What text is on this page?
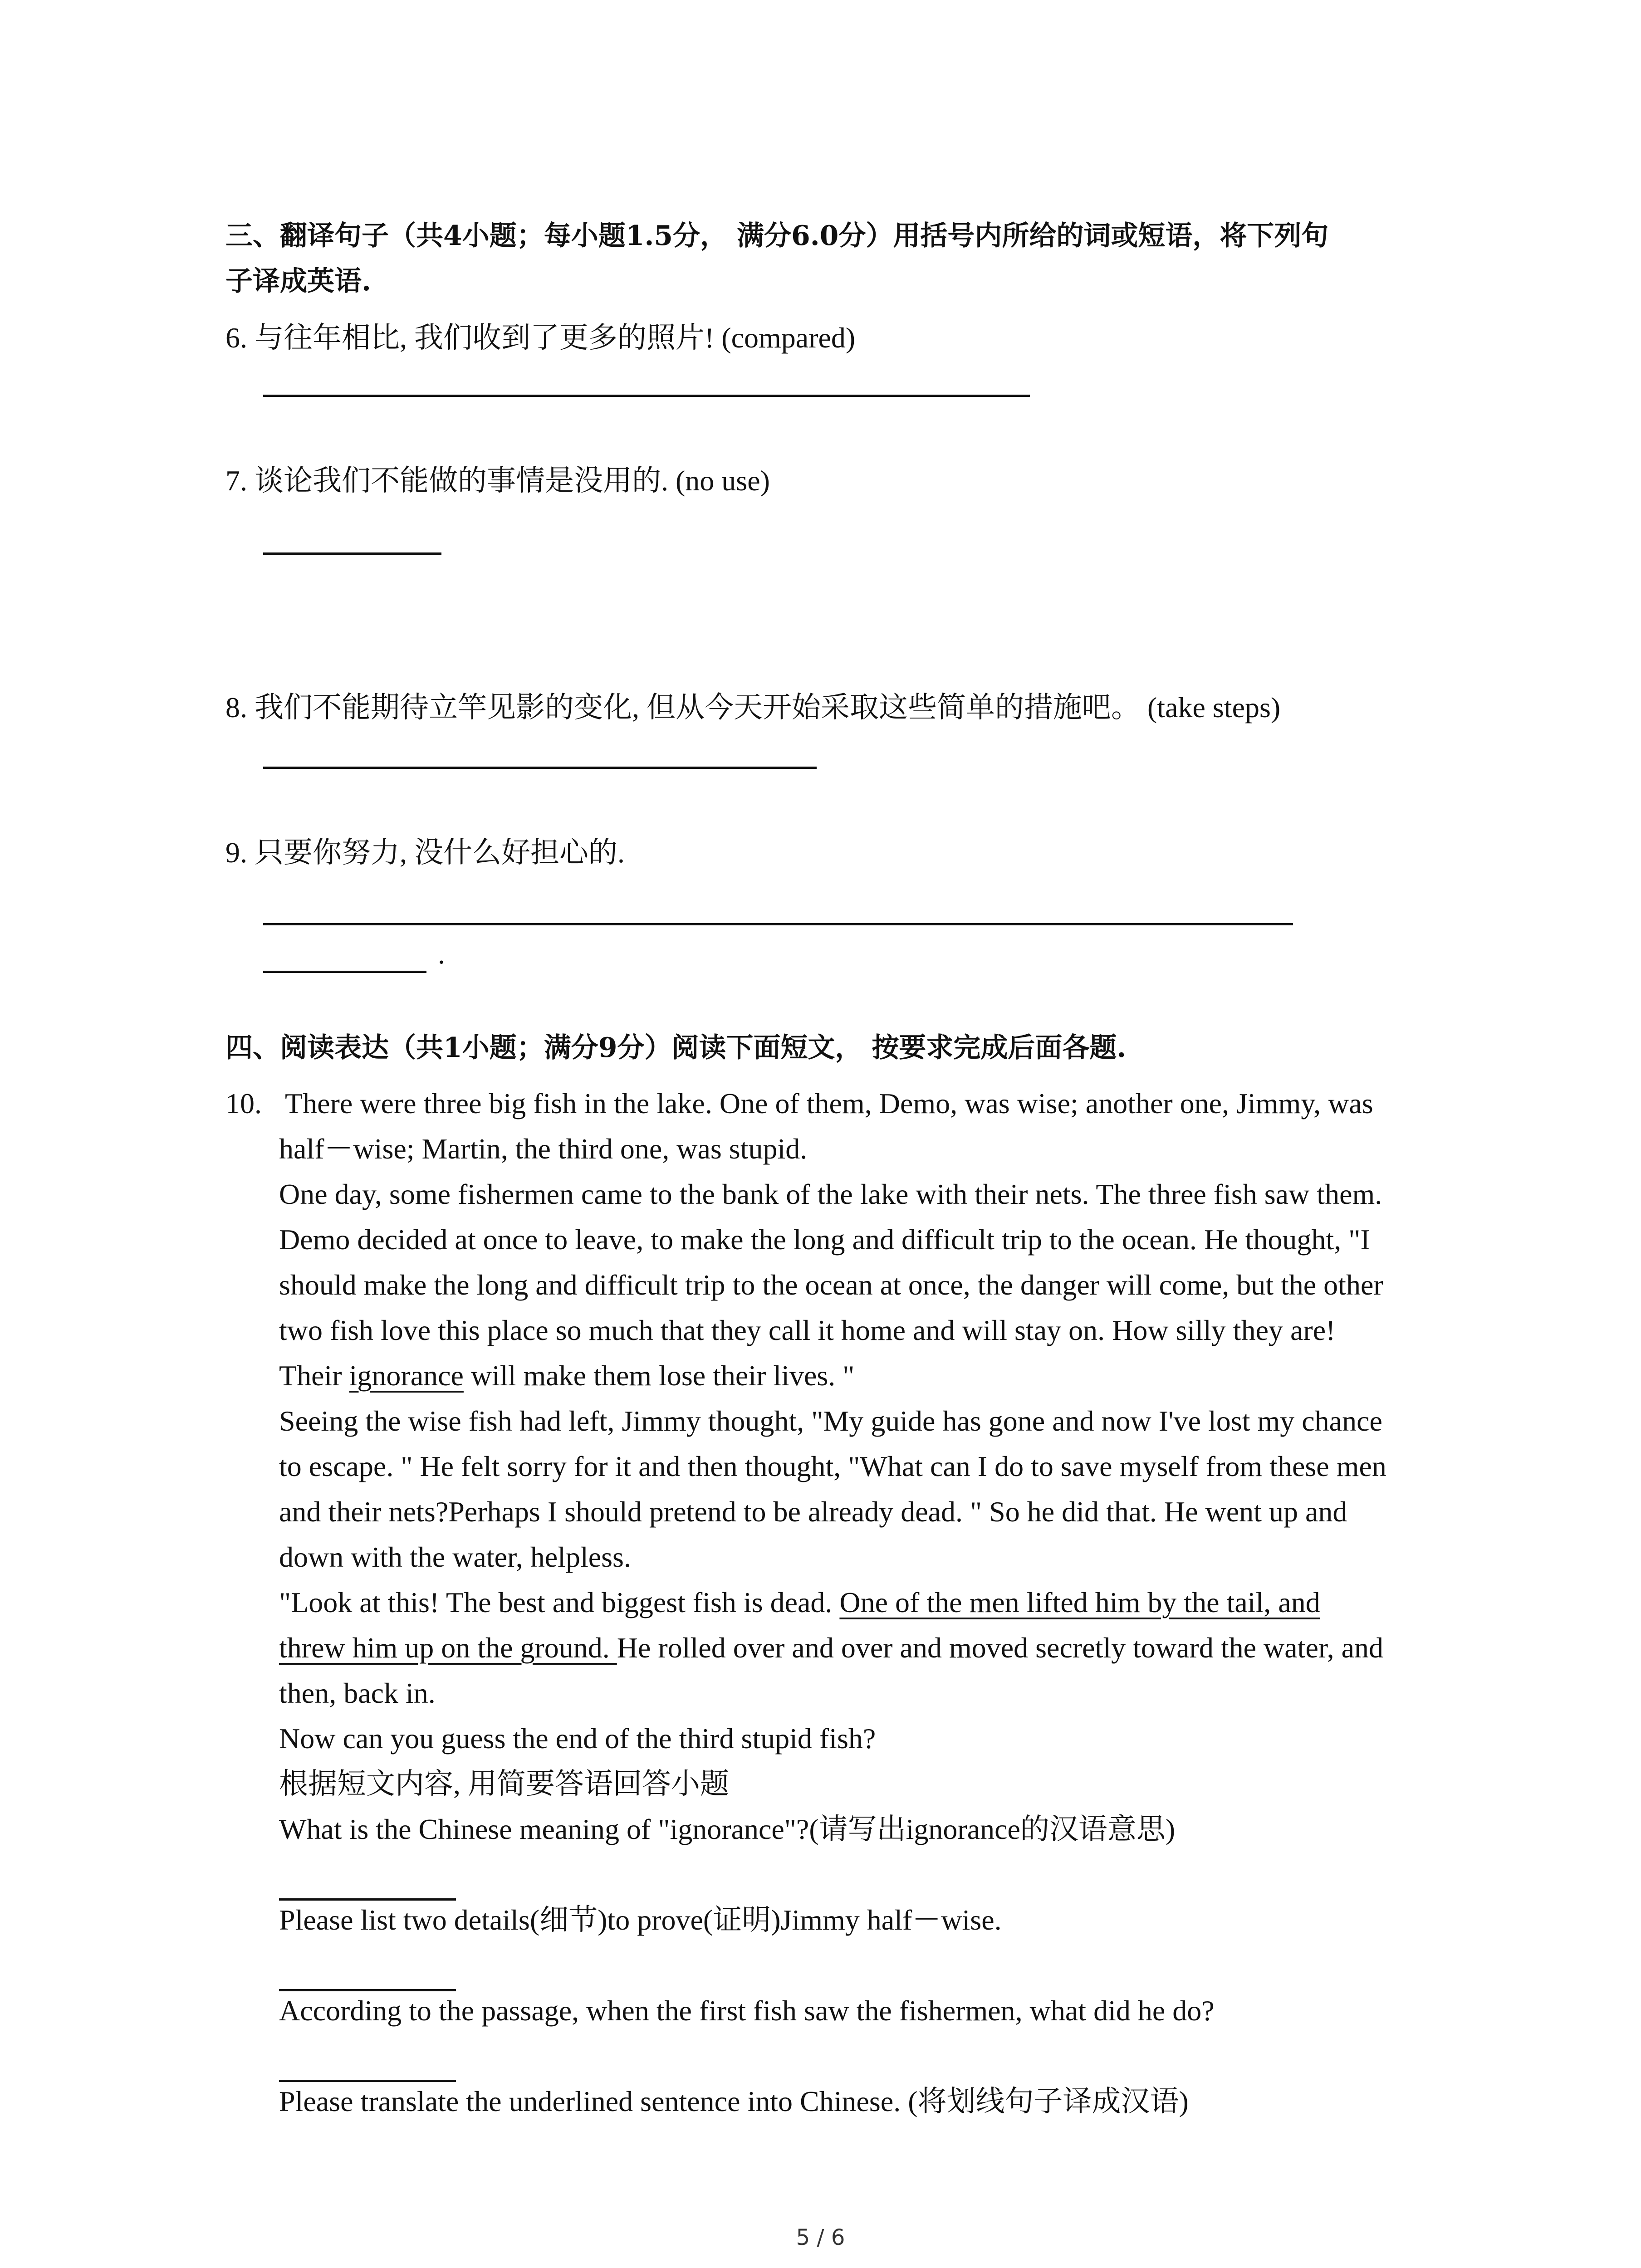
三、翻译句子（共4小题；每小题1.5分， 满分6.0分）用括号内所给的词或短语，将下列句
子译成英语.
6. 与往年相比, 我们收到了更多的照片! (compared)
7. 谈论我们不能做的事情是没用的. (no use)
8. 我们不能期待立竿见影的变化, 但从今天开始采取这些简单的措施吧。 (take steps)
9. 只要你努力, 没什么好担心的.
.
四、阅读表达（共1小题；满分9分）阅读下面短文， 按要求完成后面各题.
10. There were three big fish in the lake. One of them, Demo, was wise; another one, Jimmy, was
half－wise; Martin, the third one, was stupid.
One day, some fishermen came to the bank of the lake with their nets. The three fish saw them.
Demo decided at once to leave, to make the long and difficult trip to the ocean. He thought, "I
should make the long and difficult trip to the ocean at once, the danger will come, but the other
two fish love this place so much that they call it home and will stay on. How silly they are!
Their ignorance will make them lose their lives. "
Seeing the wise fish had left, Jimmy thought, "My guide has gone and now I've lost my chance
to escape. " He felt sorry for it and then thought, "What can I do to save myself from these men
and their nets?Perhaps I should pretend to be already dead. " So he did that. He went up and
down with the water, helpless.
"Look at this! The best and biggest fish is dead. One of the men lifted him by the tail, and
threw him up on the ground. He rolled over and over and moved secretly toward the water, and
then, back in.
Now can you guess the end of the third stupid fish?
根据短文内容, 用简要答语回答小题
What is the Chinese meaning of "ignorance"?(请写出ignorance的汉语意思)
Please list two details(细节)to prove(证明)Jimmy half－wise.
According to the passage, when the first fish saw the fishermen, what did he do?
Please translate the underlined sentence into Chinese. (将划线句子译成汉语)
5 / 6
